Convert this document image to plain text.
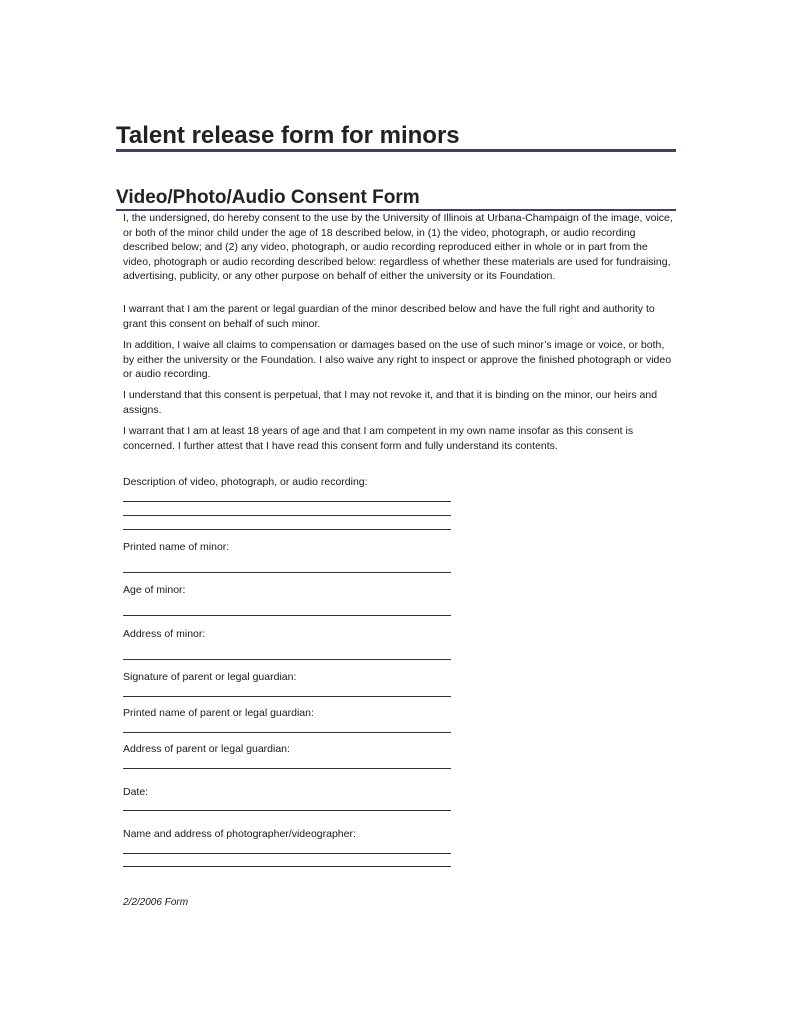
Talent release form for minors
Video/Photo/Audio Consent Form

I, the undersigned, do hereby consent to the use by the University of Illinois at Urbana-Champaign of the image, voice, or both of the minor child under the age of 18 described below, in (1) the video, photograph, or audio recording described below; and (2) any video, photograph, or audio recording reproduced either in whole or in part from the video, photograph or audio recording described below: regardless of whether these materials are used for fundraising, advertising, publicity, or any other purpose on behalf of either the university or its Foundation.

I warrant that I am the parent or legal guardian of the minor described below and have the full right and authority to grant this consent on behalf of such minor.

In addition, I waive all claims to compensation or damages based on the use of such minor’s image or voice, or both, by either the university or the Foundation. I also waive any right to inspect or approve the finished photograph or video or audio recording.

I understand that this consent is perpetual, that I may not revoke it, and that it is binding on the minor, our heirs and assigns.

I warrant that I am at least 18 years of age and that I am competent in my own name insofar as this consent is concerned. I further attest that I have read this consent form and fully understand its contents.

Description of video, photograph, or audio recording:
Printed name of minor:
Age of minor:
Address of minor:
Signature of parent or legal guardian:
Printed name of parent or legal guardian:
Address of parent or legal guardian:
Date:
Name and address of photographer/videographer:
2/2/2006 Form
